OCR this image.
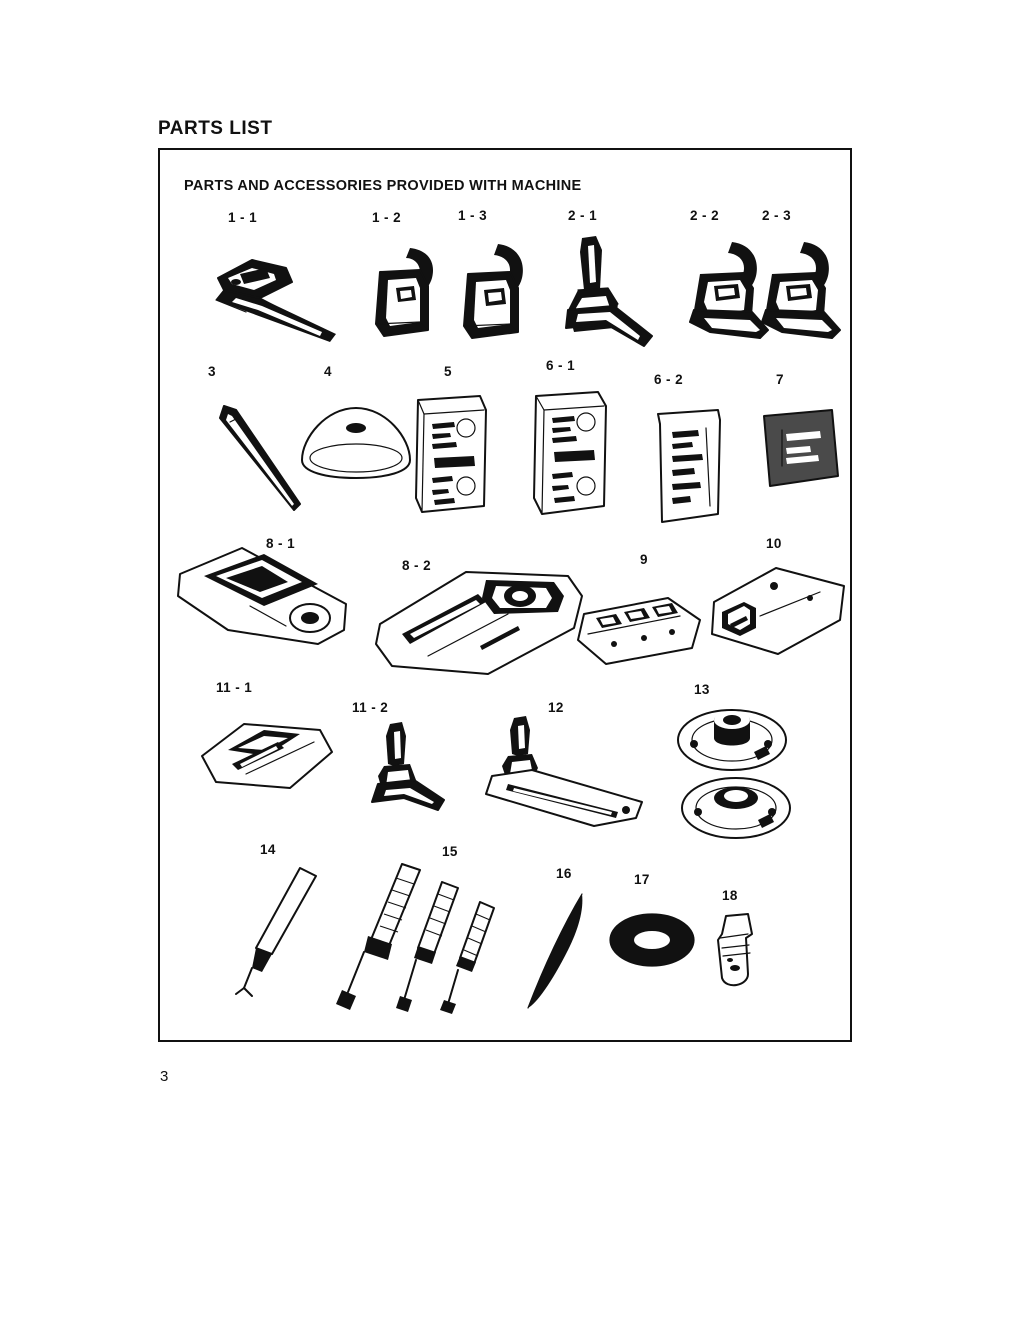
PARTS LIST
PARTS AND ACCESSORIES PROVIDED WITH MACHINE
1 - 1	1 - 2	1 - 3	2 - 1	2 - 2	2 - 3
3	4	5	6 - 1
6 - 2	7
8 - 1
8 - 2	9
10
11 - 1
11 - 2	12
13
14	15
16	17
18
3
